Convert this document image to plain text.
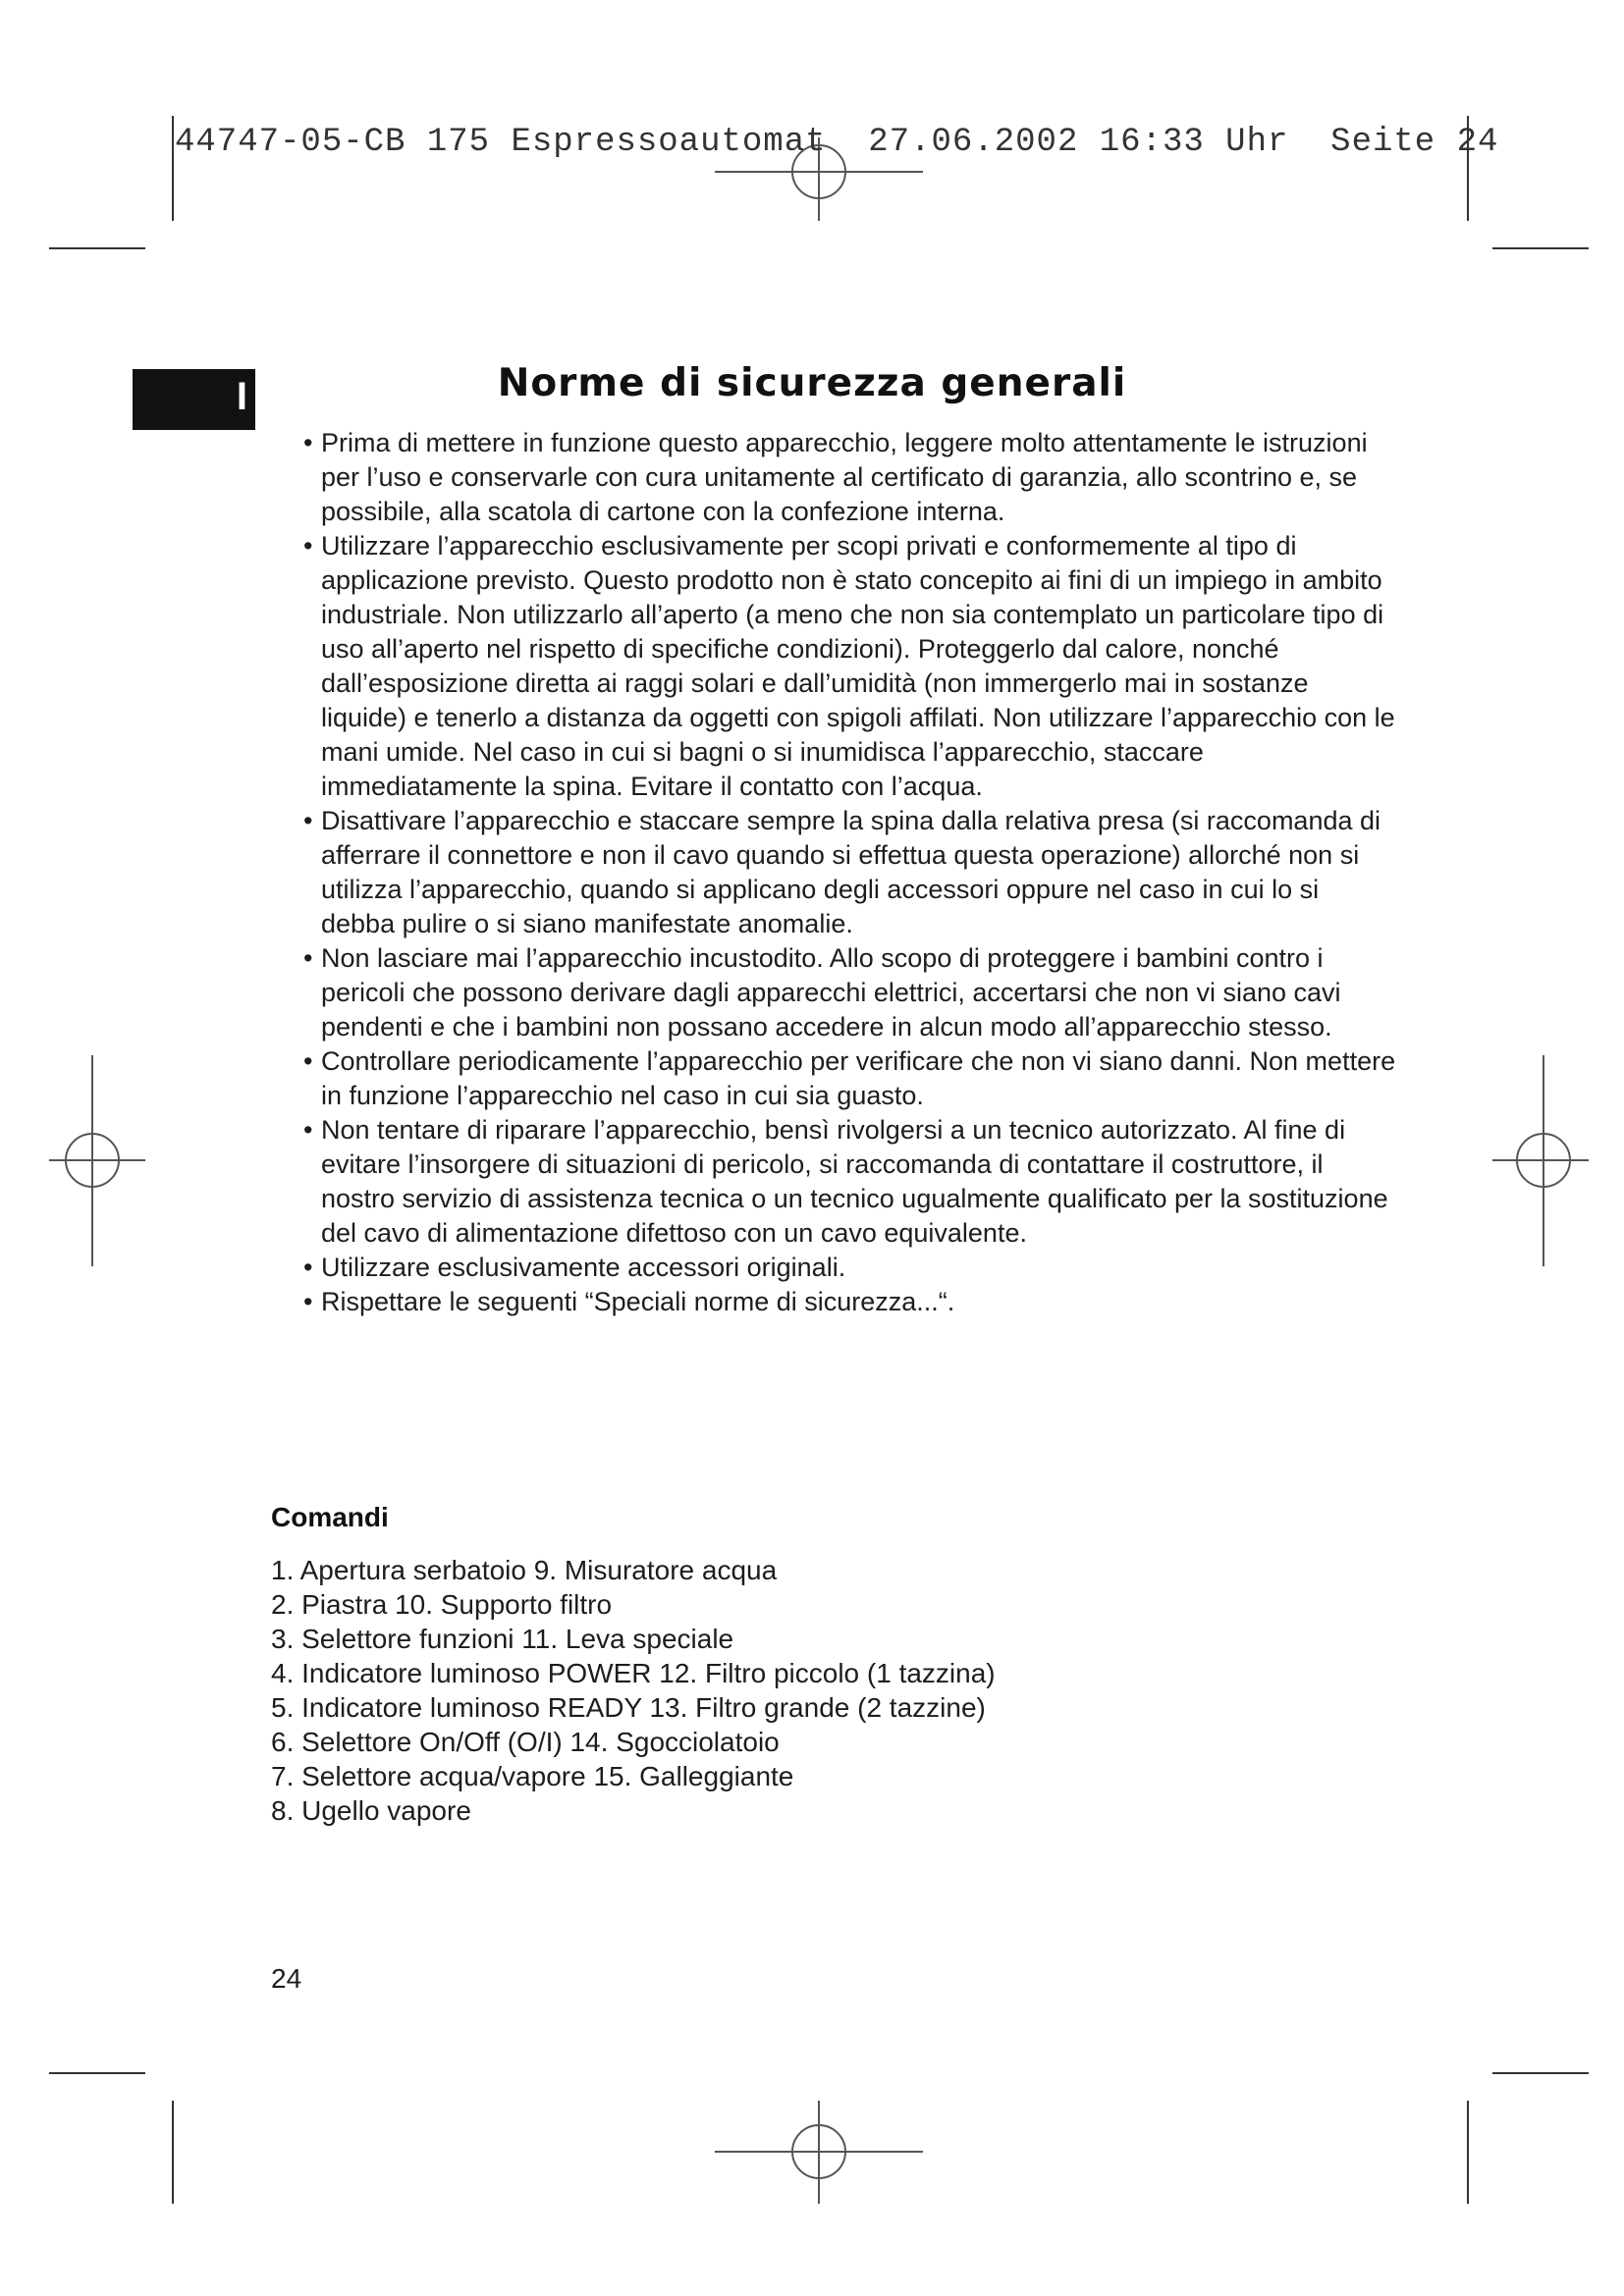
44747-05-CB 175 Espressoautomat  27.06.2002 16:33 Uhr  Seite 24
I	Norme di sicurezza generali
• Prima di mettere in funzione questo apparecchio, leggere molto attentamente le istruzioni per l’uso e conservarle con cura unitamente al certificato di garanzia, allo scontrino e, se possibile, alla scatola di cartone con la confezione interna.
• Utilizzare l’apparecchio esclusivamente per scopi privati e conformemente al tipo di applicazione previsto. Questo prodotto non è stato concepito ai fini di un impiego in ambito industriale. Non utilizzarlo all’aperto (a meno che non sia contemplato un particolare tipo di uso all’aperto nel rispetto di specifiche condizioni). Proteggerlo dal calore, nonché dall’esposizione diretta ai raggi solari e dall’umidità (non immergerlo mai in sostanze liquide) e tenerlo a distanza da oggetti con spigoli affilati. Non utilizzare l’apparecchio con le mani umide. Nel caso in cui si bagni o si inumidisca l’apparecchio, staccare immediatamente la spina. Evitare il contatto con l’acqua.
• Disattivare l’apparecchio e staccare sempre la spina dalla relativa presa (si raccomanda di afferrare il connettore e non il cavo quando si effettua questa operazione) allorché non si utilizza l’apparecchio, quando si applicano degli accessori oppure nel caso in cui lo si debba pulire o si siano manifestate anomalie.
• Non lasciare mai l’apparecchio incustodito. Allo scopo di proteggere i bambini contro i pericoli che possono derivare dagli apparecchi elettrici, accertarsi che non vi siano cavi pendenti e che i bambini non possano accedere in alcun modo all’apparecchio stesso.
• Controllare periodicamente l’apparecchio per verificare che non vi siano danni. Non mettere in funzione l’apparecchio nel caso in cui sia guasto.
• Non tentare di riparare l’apparecchio, bensì rivolgersi a un tecnico autorizzato. Al fine di evitare l’insorgere di situazioni di pericolo, si raccomanda di contattare il costruttore, il nostro servizio di assistenza tecnica o un tecnico ugualmente qualificato per la sostituzione del cavo di alimentazione difettoso con un cavo equivalente.
• Utilizzare esclusivamente accessori originali.
• Rispettare le seguenti “Speciali norme di sicurezza...“.
Comandi
1. Apertura serbatoio 9. Misuratore acqua
2. Piastra 10. Supporto filtro
3. Selettore funzioni 11. Leva speciale
4. Indicatore luminoso POWER 12. Filtro piccolo (1 tazzina)
5. Indicatore luminoso READY 13. Filtro grande (2 tazzine)
6. Selettore On/Off (O/I) 14. Sgocciolatoio
7. Selettore acqua/vapore 15. Galleggiante
8. Ugello vapore
24
